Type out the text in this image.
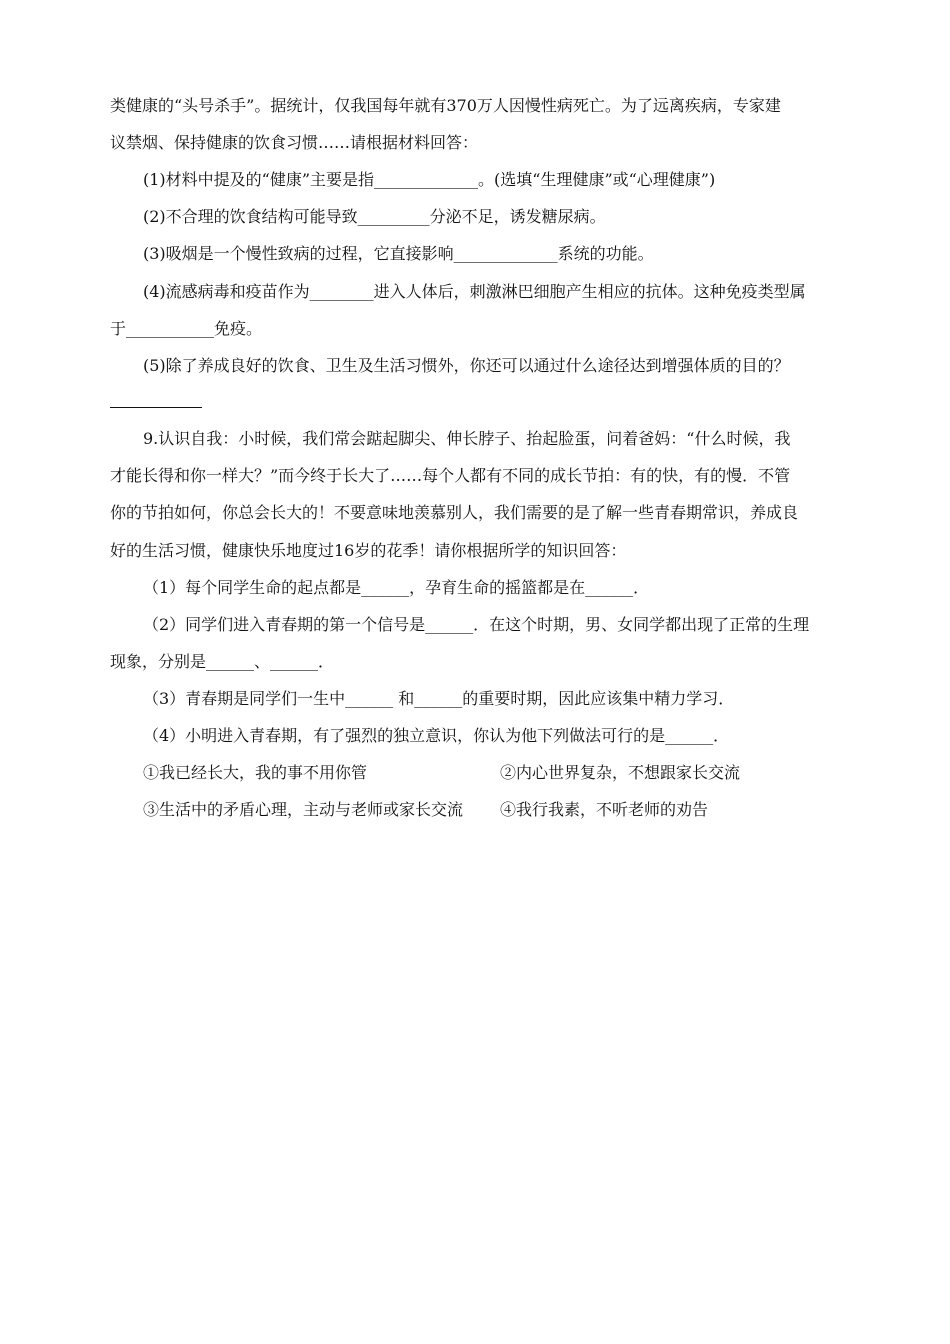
类健康的“头号杀手”。据统计，仅我国每年就有370万人因慢性病死亡。为了远离疾病，专家建
议禁烟、保持健康的饮食习惯……请根据材料回答：
(1)材料中提及的“健康”主要是指_____________。(选填“生理健康”或“心理健康”)
(2)不合理的饮食结构可能导致_________分泌不足，诱发糖尿病。
(3)吸烟是一个慢性致病的过程，它直接影响_____________系统的功能。
(4)流感病毒和疫苗作为________进入人体后，刺激淋巴细胞产生相应的抗体。这种免疫类型属
于___________免疫。
(5)除了养成良好的饮食、卫生及生活习惯外，你还可以通过什么途径达到增强体质的目的？
9.认识自我：小时候，我们常会踮起脚尖、伸长脖子、抬起脸蛋，问着爸妈：“什么时候，我
才能长得和你一样大？”而今终于长大了……每个人都有不同的成长节拍：有的快，有的慢．不管
你的节拍如何，你总会长大的！不要意味地羡慕别人，我们需要的是了解一些青春期常识，养成良
好的生活习惯，健康快乐地度过16岁的花季！请你根据所学的知识回答：
（1）每个同学生命的起点都是______，孕育生命的摇篮都是在______．
（2）同学们进入青春期的第一个信号是______．在这个时期，男、女同学都出现了正常的生理
现象，分别是______、______．
（3）青春期是同学们一生中______ 和______的重要时期，因此应该集中精力学习．
（4）小明进入青春期，有了强烈的独立意识，你认为他下列做法可行的是______．
①我已经长大，我的事不用你管	②内心世界复杂，不想跟家长交流
③生活中的矛盾心理，主动与老师或家长交流 ④我行我素，不听老师的劝告
